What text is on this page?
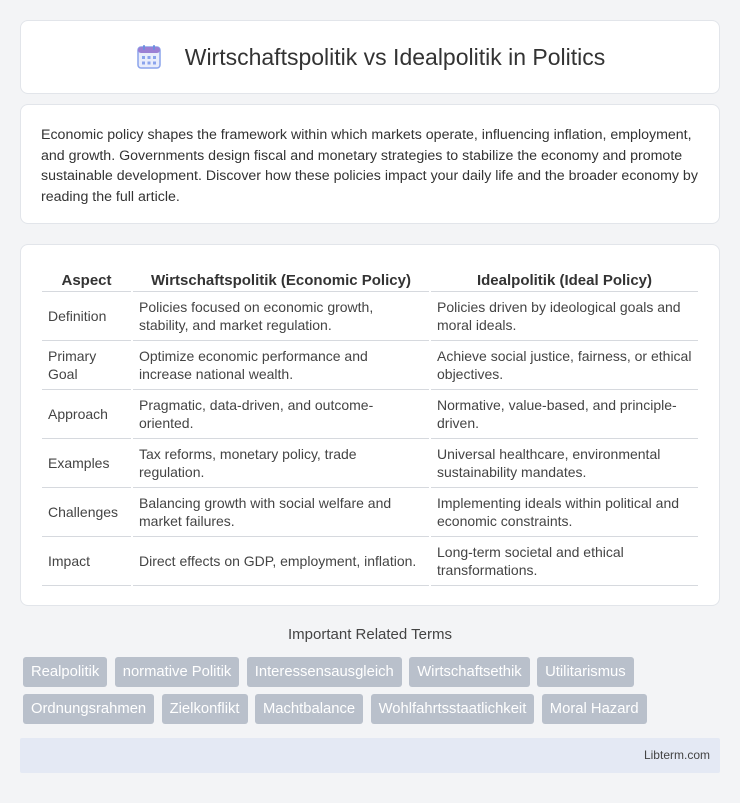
Wirtschaftspolitik vs Idealpolitik in Politics

Economic policy shapes the framework within which markets operate, influencing inflation, employment, and growth. Governments design fiscal and monetary strategies to stabilize the economy and promote sustainable development. Discover how these policies impact your daily life and the broader economy by reading the full article.

Aspect	Wirtschaftspolitik (Economic Policy)	Idealpolitik (Ideal Policy)
Definition	Policies focused on economic growth, stability, and market regulation.	Policies driven by ideological goals and moral ideals.
Primary Goal	Optimize economic performance and increase national wealth.	Achieve social justice, fairness, or ethical objectives.
Approach	Pragmatic, data-driven, and outcome-oriented.	Normative, value-based, and principle-driven.
Examples	Tax reforms, monetary policy, trade regulation.	Universal healthcare, environmental sustainability mandates.
Challenges	Balancing growth with social welfare and market failures.	Implementing ideals within political and economic constraints.
Impact	Direct effects on GDP, employment, inflation.	Long-term societal and ethical transformations.
Important Related Terms
Realpolitik normative Politik Interessensausgleich Wirtschaftsethik Utilitarismus
Ordnungsrahmen Zielkonflikt Machtbalance Wohlfahrtsstaatlichkeit Moral Hazard
Libterm.com
